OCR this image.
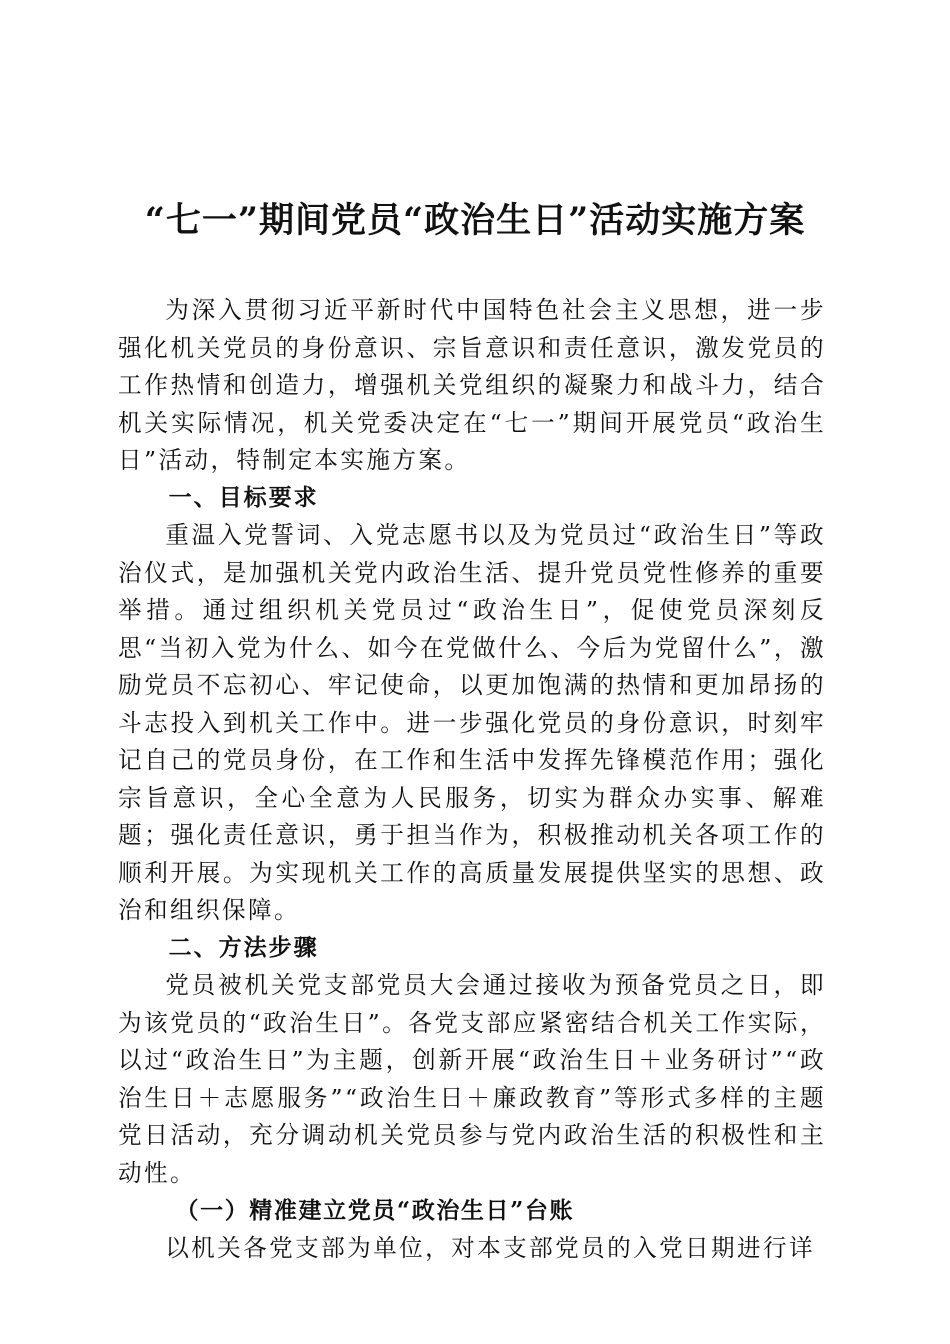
“七一”期间党员“政治生日”活动实施方案

为深入贯彻习近平新时代中国特色社会主义思想，进一步强化机关党员的身份意识、宗旨意识和责任意识，激发党员的工作热情和创造力，增强机关党组织的凝聚力和战斗力，结合机关实际情况，机关党委决定在“七一”期间开展党员“政治生日”活动，特制定本实施方案。

一、目标要求

重温入党誓词、入党志愿书以及为党员过“政治生日”等政治仪式，是加强机关党内政治生活、提升党员党性修养的重要举措。通过组织机关党员过“政治生日”，促使党员深刻反思“当初入党为什么、如今在党做什么、今后为党留什么”，激励党员不忘初心、牢记使命，以更加饱满的热情和更加昂扬的斗志投入到机关工作中。进一步强化党员的身份意识，时刻牢记自己的党员身份，在工作和生活中发挥先锋模范作用；强化宗旨意识，全心全意为人民服务，切实为群众办实事、解难题；强化责任意识，勇于担当作为，积极推动机关各项工作的顺利开展。为实现机关工作的高质量发展提供坚实的思想、政治和组织保障。

二、方法步骤

党员被机关党支部党员大会通过接收为预备党员之日，即为该党员的“政治生日”。各党支部应紧密结合机关工作实际，以过“政治生日”为主题，创新开展“政治生日＋业务研讨”“政治生日＋志愿服务”“政治生日＋廉政教育”等形式多样的主题党日活动，充分调动机关党员参与党内政治生活的积极性和主动性。

（一）精准建立党员“政治生日”台账

以机关各党支部为单位，对本支部党员的入党日期进行详
